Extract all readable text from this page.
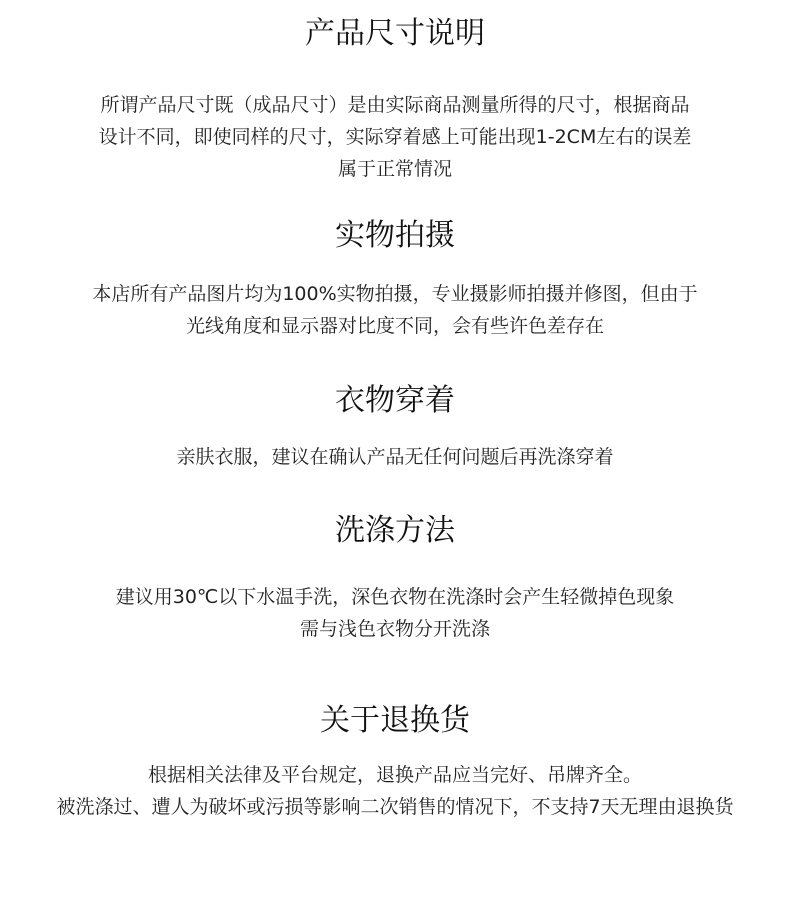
产品尺寸说明
所谓产品尺寸既（成品尺寸）是由实际商品测量所得的尺寸，根据商品
设计不同，即使同样的尺寸，实际穿着感上可能出现1-2CM左右的误差
属于正常情况
实物拍摄
本店所有产品图片均为100%实物拍摄，专业摄影师拍摄并修图，但由于
光线角度和显示器对比度不同，会有些许色差存在
衣物穿着
亲肤衣服，建议在确认产品无任何问题后再洗涤穿着
洗涤方法
建议用30℃以下水温手洗，深色衣物在洗涤时会产生轻微掉色现象
需与浅色衣物分开洗涤
关于退换货
根据相关法律及平台规定，退换产品应当完好、吊牌齐全。
被洗涤过、遭人为破坏或污损等影响二次销售的情况下，不支持7天无理由退换货
